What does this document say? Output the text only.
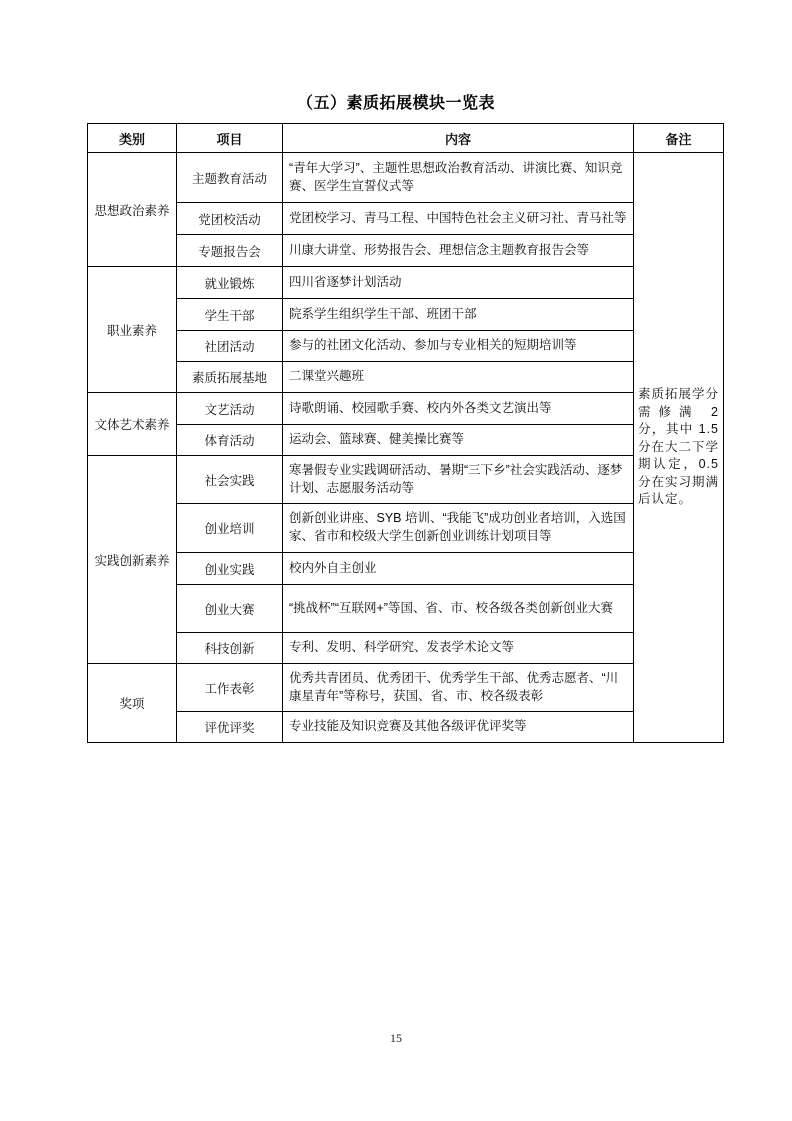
（五）素质拓展模块一览表
类别	项目	内容	备注
思想政治素养	主题教育活动	“青年大学习”、主题性思想政治教育活动、讲演比赛、知识竞赛、医学生宣誓仪式等	素质拓展学分需修满 2 分，其中 1.5 分在大二下学期认定，0.5 分在实习期满后认定。
	党团校活动	党团校学习、青马工程、中国特色社会主义研习社、青马社等	
	专题报告会	川康大讲堂、形势报告会、理想信念主题教育报告会等	
职业素养	就业锻炼	四川省逐梦计划活动	
	学生干部	院系学生组织学生干部、班团干部	
	社团活动	参与的社团文化活动、参加与专业相关的短期培训等	
	素质拓展基地	二课堂兴趣班	
文体艺术素养	文艺活动	诗歌朗诵、校园歌手赛、校内外各类文艺演出等	
	体育活动	运动会、篮球赛、健美操比赛等	
实践创新素养	社会实践	寒暑假专业实践调研活动、暑期“三下乡”社会实践活动、逐梦计划、志愿服务活动等	
	创业培训	创新创业讲座、SYB 培训、“我能飞”成功创业者培训，入选国家、省市和校级大学生创新创业训练计划项目等	
	创业实践	校内外自主创业	
	创业大赛	“挑战杯”“互联网+”等国、省、市、校各级各类创新创业大赛	
	科技创新	专利、发明、科学研究、发表学术论文等	
奖项	工作表彰	优秀共青团员、优秀团干、优秀学生干部、优秀志愿者、“川康星青年”等称号，获国、省、市、校各级表彰	
	评优评奖	专业技能及知识竞赛及其他各级评优评奖等	
15
